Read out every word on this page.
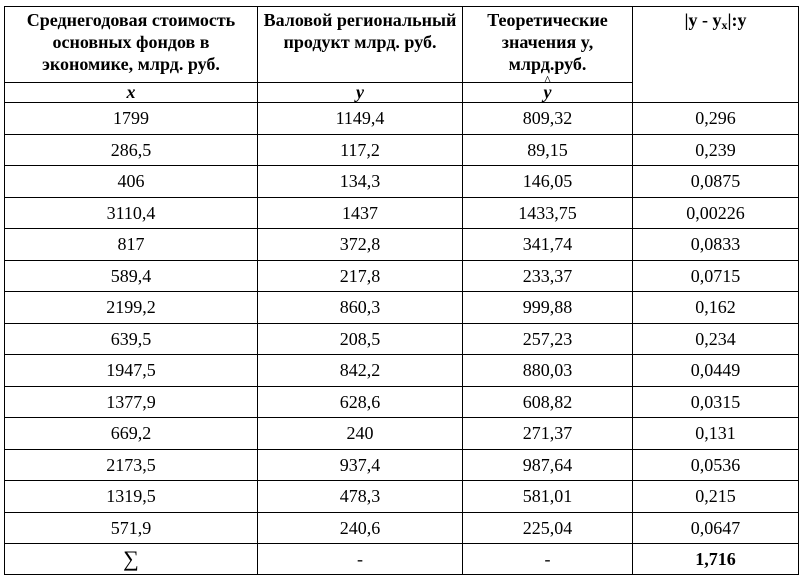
Среднегодовая стоимость основных фондов в экономике, млрд. руб.	Валовой региональный продукт млрд. руб.	Теоретические значения y, млрд.руб.	$|y - y_x|:y$
x	y	^ y
1799	1149,4	809,32	0,296
286,5	117,2	89,15	0,239
406	134,3	146,05	0,0875
3110,4	1437	1433,75	0,00226
817	372,8	341,74	0,0833
589,4	217,8	233,37	0,0715
2199,2	860,3	999,88	0,162
639,5	208,5	257,23	0,234
1947,5	842,2	880,03	0,0449
1377,9	628,6	608,82	0,0315
669,2	240	271,37	0,131
2173,5	937,4	987,64	0,0536
1319,5	478,3	581,01	0,215
571,9	240,6	225,04	0,0647
∑	-	-	1,716
